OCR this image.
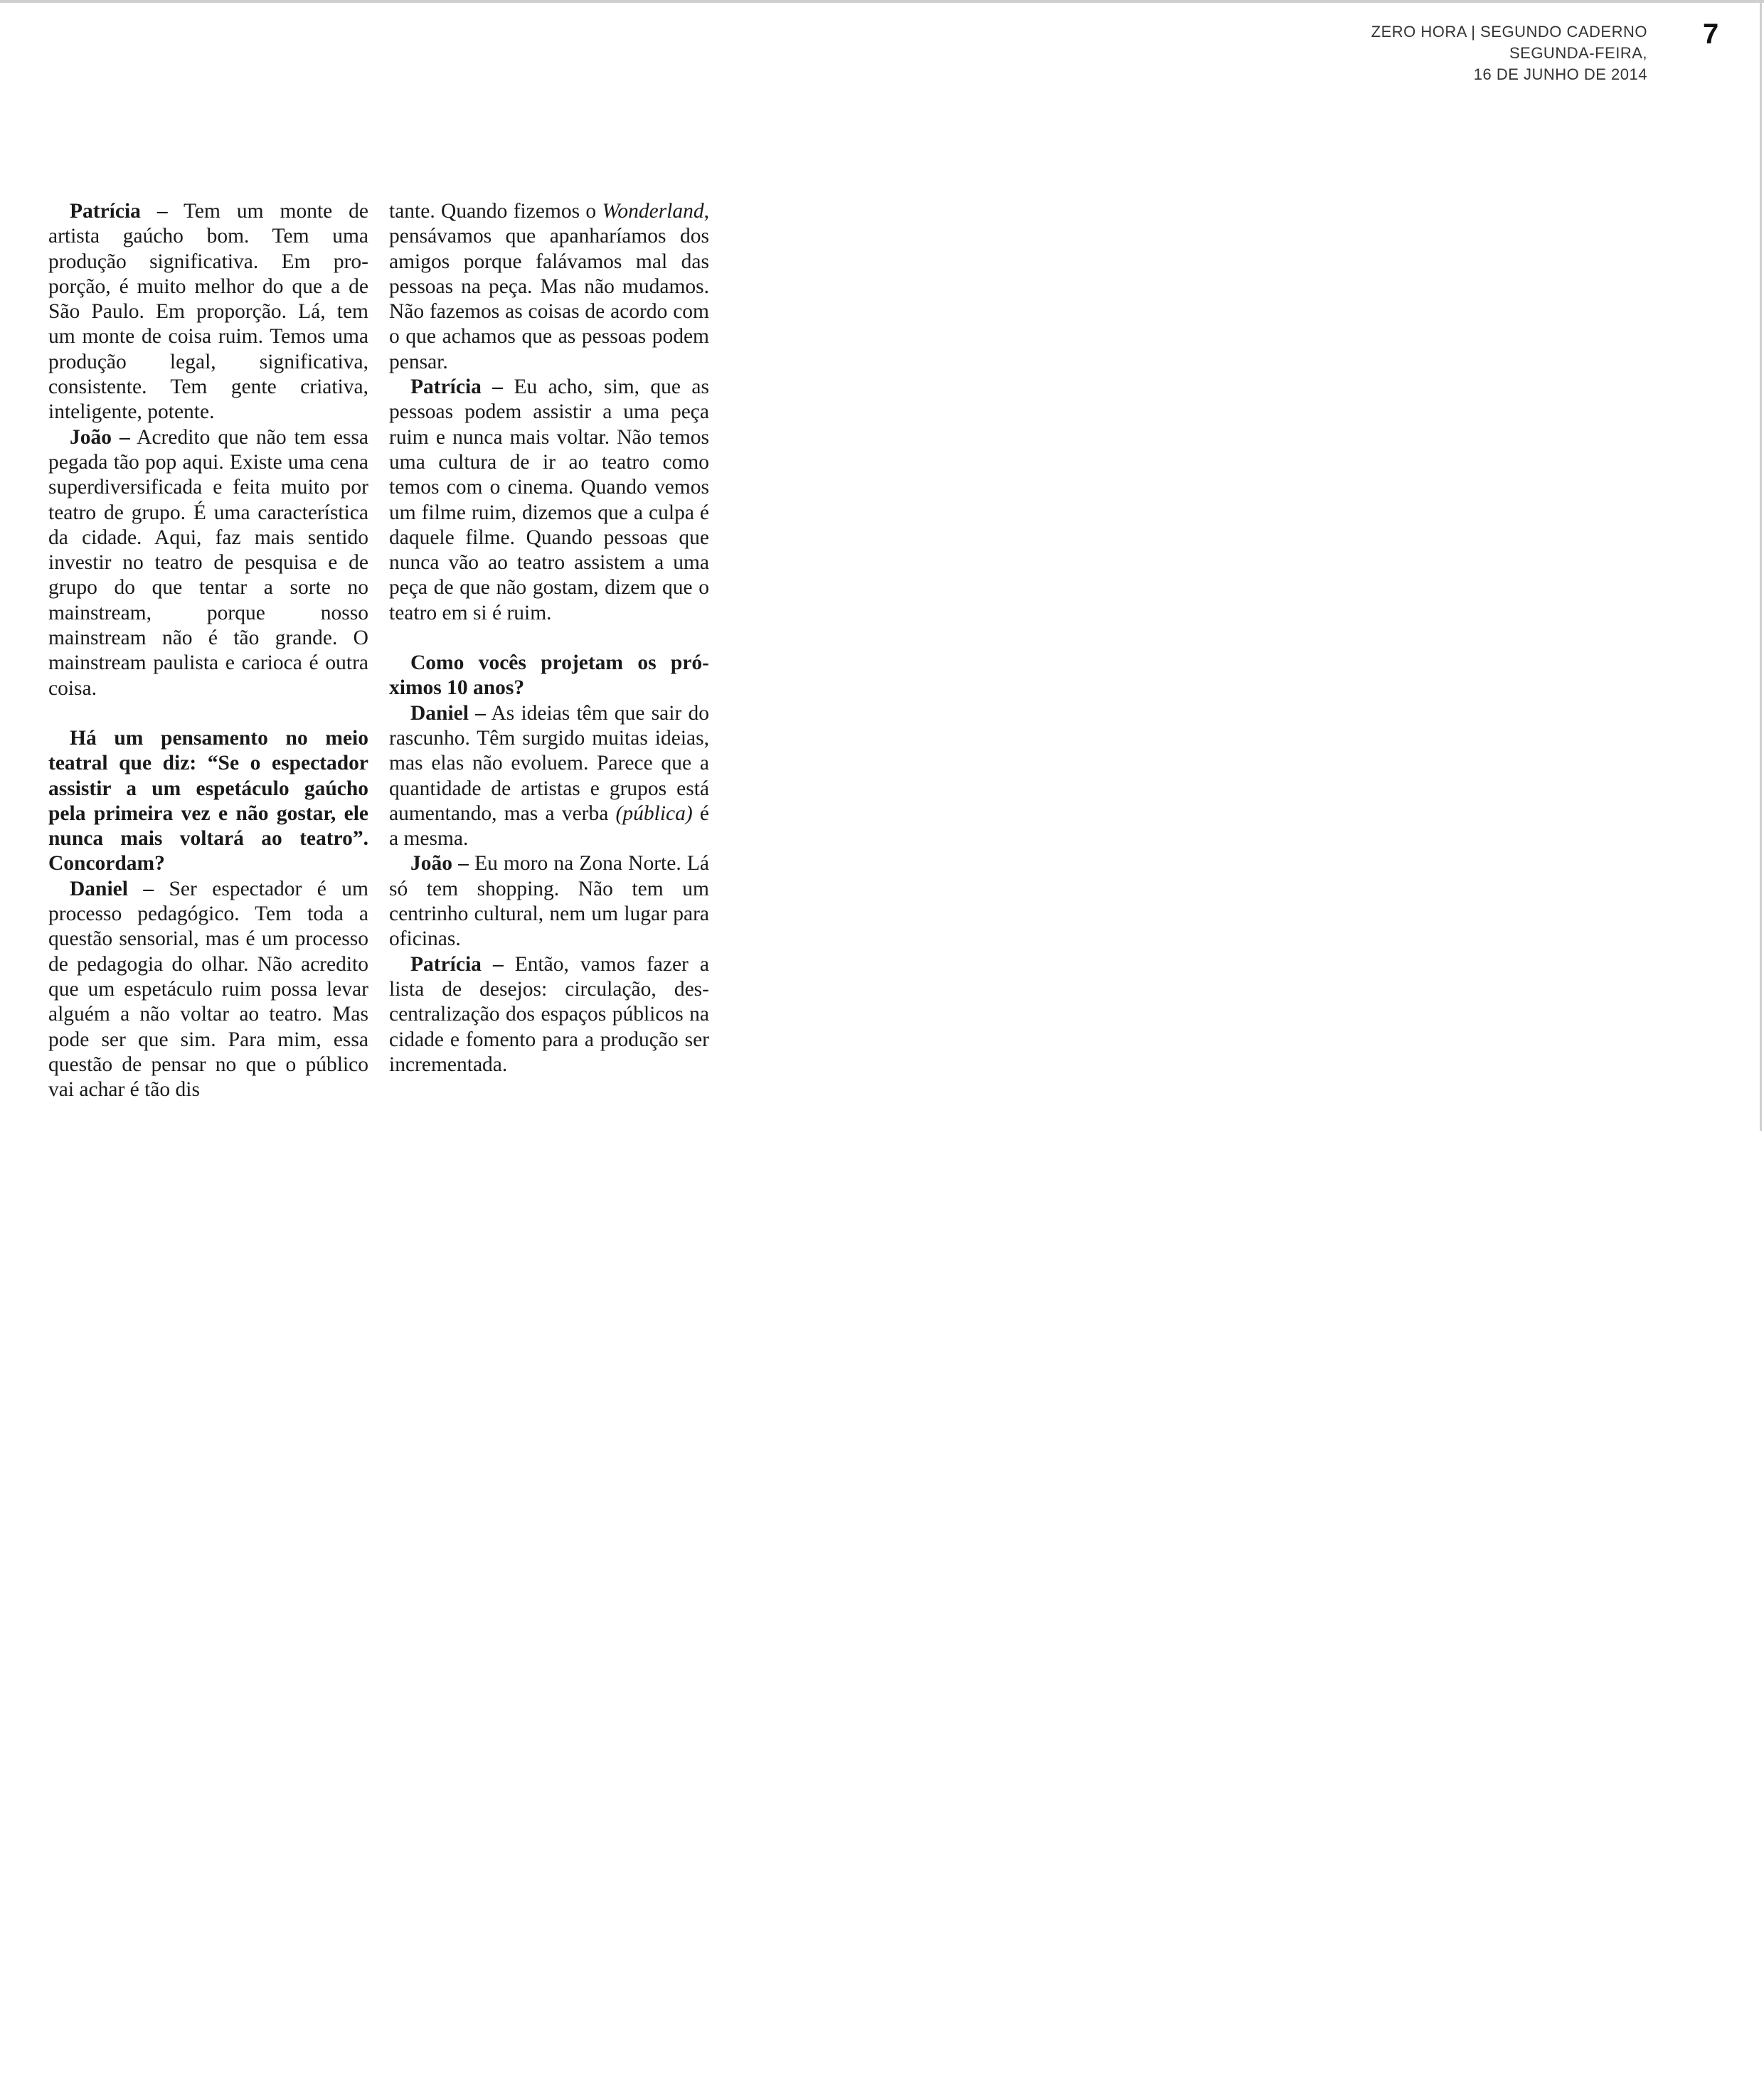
ZERO HORA | SEGUNDO CADERNO
SEGUNDA-FEIRA,
16 DE JUNHO DE 2014
7

Patrícia – Tem um monte de artista gaúcho bom. Tem uma produção significativa. Em proporção, é muito melhor do que a de São Paulo. Em proporção. Lá, tem um monte de coisa ruim. Temos uma produção legal, significativa, consistente. Tem gente criativa, inteligente, potente.

João – Acredito que não tem essa pegada tão pop aqui. Existe uma cena superdiversificada e feita muito por teatro de grupo. É uma característica da cidade. Aqui, faz mais sentido investir no teatro de pesquisa e de grupo do que tentar a sorte no mainstream, porque nosso mainstream não é tão grande. O mainstream paulista e carioca é outra coisa.

Há um pensamento no meio teatral que diz: “Se o espectador assistir a um espetáculo gaúcho pela primeira vez e não gostar, ele nunca mais voltará ao teatro”. Concordam?

Daniel – Ser espectador é um processo pedagógico. Tem toda a questão sensorial, mas é um processo de pedagogia do olhar. Não acredito que um espetáculo ruim possa levar alguém a não voltar ao teatro. Mas pode ser que sim. Para mim, essa questão de pensar no que o público vai achar é tão dis

tante. Quando fizemos o Wonderland, pensávamos que apanharíamos dos amigos porque falávamos mal das pessoas na peça. Mas não mudamos. Não fazemos as coisas de acordo com o que achamos que as pessoas podem pensar.

Patrícia – Eu acho, sim, que as pessoas podem assistir a uma peça ruim e nunca mais voltar. Não temos uma cultura de ir ao teatro como temos com o cinema. Quando vemos um filme ruim, dizemos que a culpa é daquele filme. Quando pessoas que nunca vão ao teatro assistem a uma peça de que não gostam, dizem que o teatro em si é ruim.

Como vocês projetam os próximos 10 anos?

Daniel – As ideias têm que sair do rascunho. Têm surgido muitas ideias, mas elas não evoluem. Parece que a quantidade de artistas e grupos está aumentando, mas a verba (pública) é a mesma.

João – Eu moro na Zona Norte. Lá só tem shopping. Não tem um centrinho cultural, nem um lugar para oficinas.

Patrícia – Então, vamos fazer a lista de desejos: circulação, descentralização dos espaços públicos na cidade e fomento para a produção ser incrementada.
